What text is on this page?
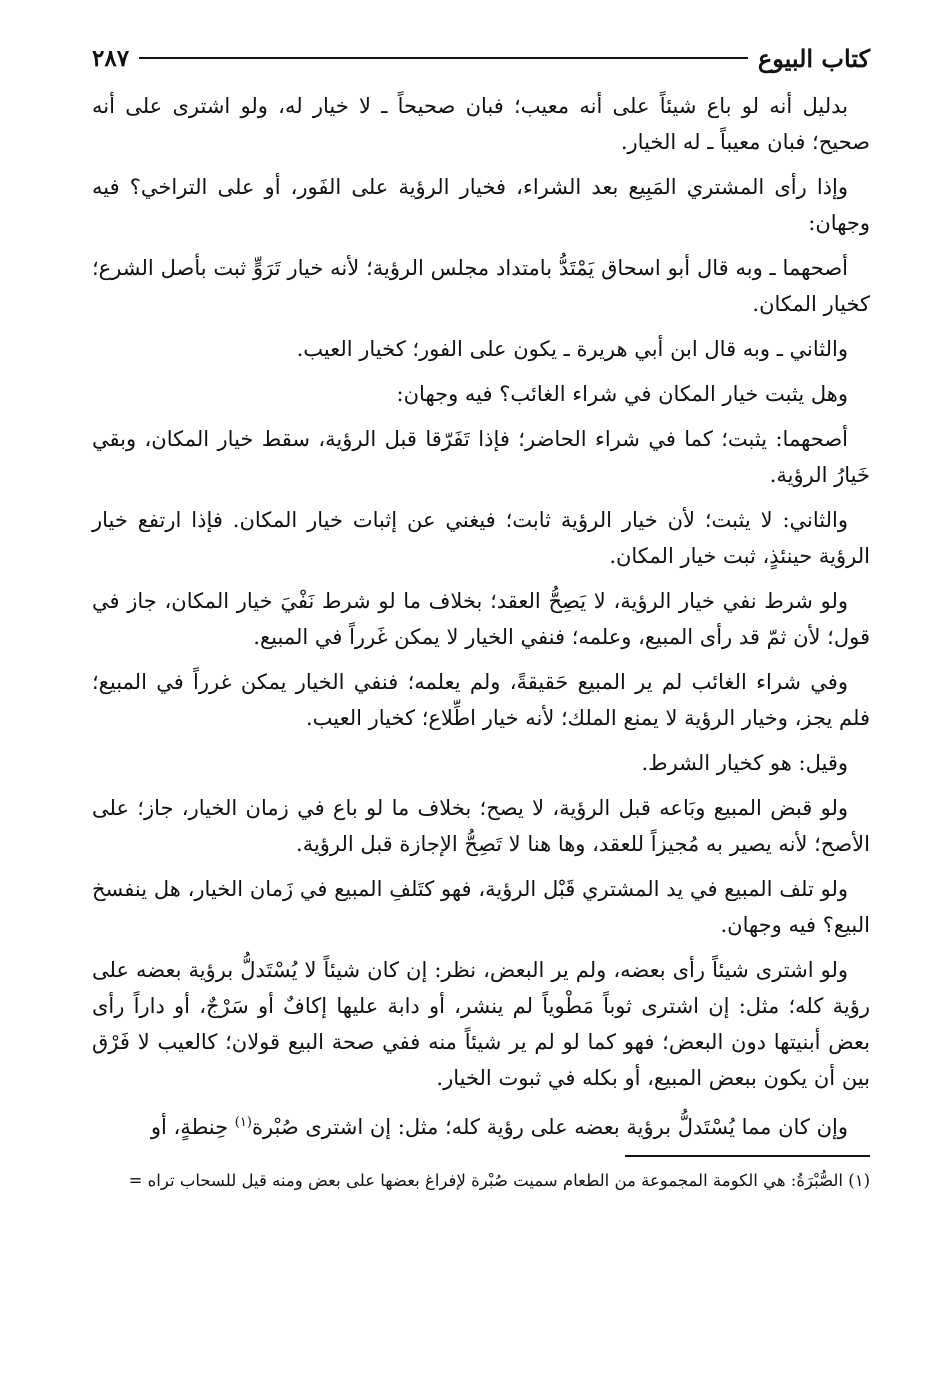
كتاب البيوع
٢٨٧

بدليل أنه لو باع شيئاً على أنه معيب؛ فبان صحيحاً ـ لا خيار له، ولو اشترى على أنه صحيح؛ فبان معيباً ـ له الخيار.

وإذا رأى المشتري المَبِيع بعد الشراء، فخيار الرؤية على الفَور، أو على التراخي؟ فيه وجهان:

أصحهما ـ وبه قال أبو اسحاق يَمْتَدُّ بامتداد مجلس الرؤية؛ لأنه خيار تَرَوٍّ ثبت بأصل الشرع؛ كخيار المكان.

والثاني ـ وبه قال ابن أبي هريرة ـ يكون على الفور؛ كخيار العيب.

وهل يثبت خيار المكان في شراء الغائب؟ فيه وجهان:

أصحهما: يثبت؛ كما في شراء الحاضر؛ فإذا تَفَرّقا قبل الرؤية، سقط خيار المكان، وبقي خَيارُ الرؤية.

والثاني: لا يثبت؛ لأن خيار الرؤية ثابت؛ فيغني عن إثبات خيار المكان. فإذا ارتفع خيار الرؤية حينئذٍ، ثبت خيار المكان.

ولو شرط نفي خيار الرؤية، لا يَصِحُّ العقد؛ بخلاف ما لو شرط نَفْيَ خيار المكان، جاز في قول؛ لأن ثمّ قد رأى المبيع، وعلمه؛ فنفي الخيار لا يمكن غَرراً في المبيع.

وفي شراء الغائب لم ير المبيع حَقيقةً، ولم يعلمه؛ فنفي الخيار يمكن غرراً في المبيع؛ فلم يجز، وخيار الرؤية لا يمنع الملك؛ لأنه خيار اطِّلاع؛ كخيار العيب.

وقيل: هو كخيار الشرط.

ولو قبض المبيع وبَاعه قبل الرؤية، لا يصح؛ بخلاف ما لو باع في زمان الخيار، جاز؛ على الأصح؛ لأنه يصير به مُجيزاً للعقد، وها هنا لا تَصِحُّ الإجازة قبل الرؤية.

ولو تلف المبيع في يد المشتري قَبْل الرؤية، فهو كتَلفِ المبيع في زَمان الخيار، هل ينفسخ البيع؟ فيه وجهان.

ولو اشترى شيئاً رأى بعضه، ولم ير البعض، نظر: إن كان شيئاً لا يُسْتَدلُّ برؤية بعضه على رؤية كله؛ مثل: إن اشترى ثوباً مَطْوياً لم ينشر، أو دابة عليها إكافٌ أو سَرْجٌ، أو داراً رأى بعض أبنيتها دون البعض؛ فهو كما لو لم ير شيئاً منه ففي صحة البيع قولان؛ كالعيب لا فَرْق بين أن يكون ببعض المبيع، أو بكله في ثبوت الخيار.

وإن كان مما يُسْتَدلُّ برؤية بعضه على رؤية كله؛ مثل: إن اشترى صُبْرة$^{(١)}$ حِنطةٍ، أو

(١) الصُّبْرَةُ: هي الكومة المجموعة من الطعام سميت صُبْرة لإفراغ بعضها على بعض ومنه قيل للسحاب تراه =
